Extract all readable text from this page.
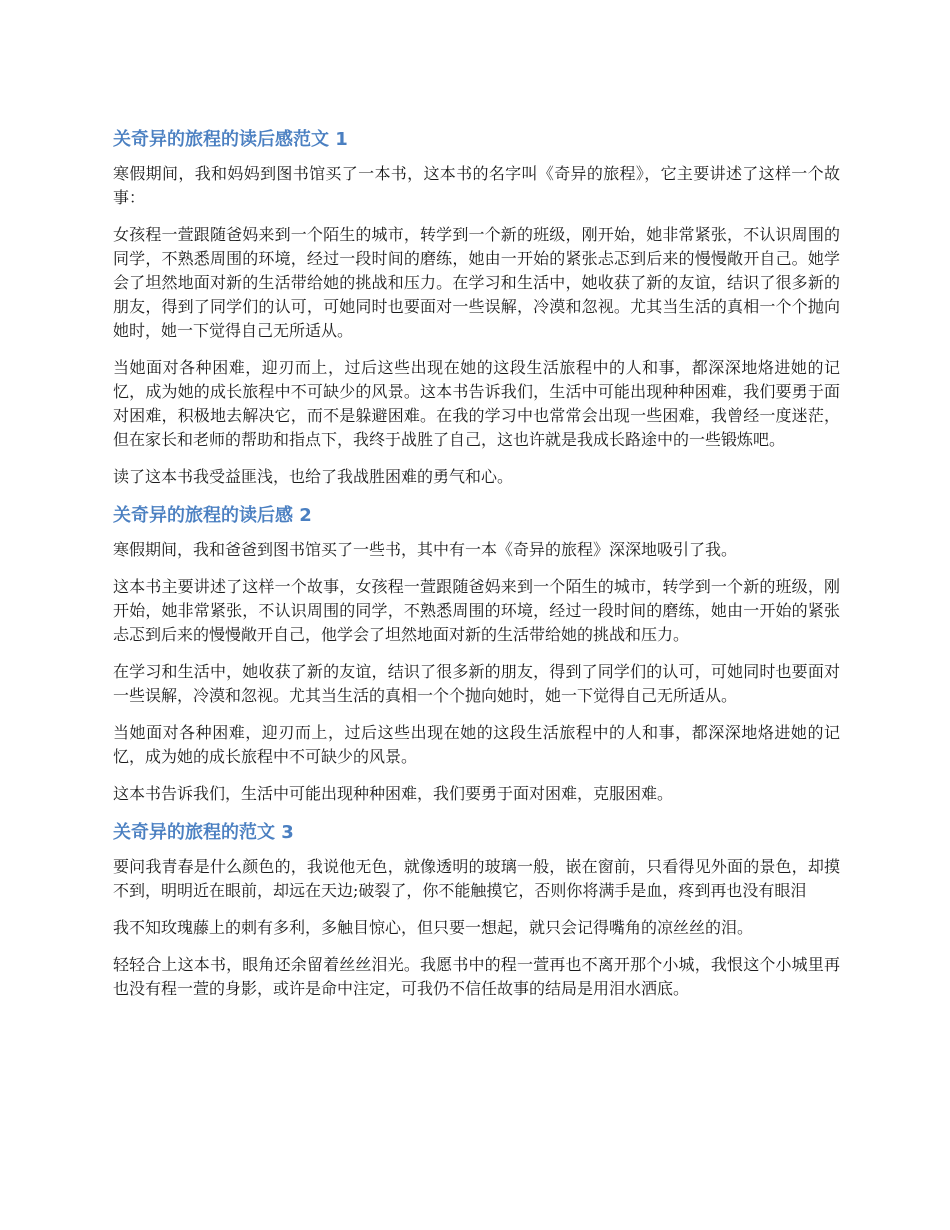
关奇异的旅程的读后感范文 1

寒假期间，我和妈妈到图书馆买了一本书，这本书的名字叫《奇异的旅程》，它主要讲述了这样一个故事：

女孩程一萱跟随爸妈来到一个陌生的城市，转学到一个新的班级，刚开始，她非常紧张，不认识周围的同学，不熟悉周围的环境，经过一段时间的磨练，她由一开始的紧张忐忑到后来的慢慢敞开自己。她学会了坦然地面对新的生活带给她的挑战和压力。在学习和生活中，她收获了新的友谊，结识了很多新的朋友，得到了同学们的认可，可她同时也要面对一些误解，冷漠和忽视。尤其当生活的真相一个个抛向她时，她一下觉得自己无所适从。

当她面对各种困难，迎刃而上，过后这些出现在她的这段生活旅程中的人和事，都深深地烙进她的记忆，成为她的成长旅程中不可缺少的风景。这本书告诉我们，生活中可能出现种种困难，我们要勇于面对困难，积极地去解决它，而不是躲避困难。在我的学习中也常常会出现一些困难，我曾经一度迷茫，但在家长和老师的帮助和指点下，我终于战胜了自己，这也许就是我成长路途中的一些锻炼吧。

读了这本书我受益匪浅，也给了我战胜困难的勇气和心。

关奇异的旅程的读后感 2

寒假期间，我和爸爸到图书馆买了一些书，其中有一本《奇异的旅程》深深地吸引了我。

这本书主要讲述了这样一个故事，女孩程一萱跟随爸妈来到一个陌生的城市，转学到一个新的班级，刚开始，她非常紧张，不认识周围的同学，不熟悉周围的环境，经过一段时间的磨练，她由一开始的紧张忐忑到后来的慢慢敞开自己，他学会了坦然地面对新的生活带给她的挑战和压力。

在学习和生活中，她收获了新的友谊，结识了很多新的朋友，得到了同学们的认可，可她同时也要面对一些误解，冷漠和忽视。尤其当生活的真相一个个抛向她时，她一下觉得自己无所适从。

当她面对各种困难，迎刃而上，过后这些出现在她的这段生活旅程中的人和事，都深深地烙进她的记忆，成为她的成长旅程中不可缺少的风景。

这本书告诉我们，生活中可能出现种种困难，我们要勇于面对困难，克服困难。

关奇异的旅程的范文 3

要问我青春是什么颜色的，我说他无色，就像透明的玻璃一般，嵌在窗前，只看得见外面的景色，却摸不到，明明近在眼前，却远在天边;破裂了，你不能触摸它，否则你将满手是血，疼到再也没有眼泪

我不知玫瑰藤上的刺有多利，多触目惊心，但只要一想起，就只会记得嘴角的凉丝丝的泪。

轻轻合上这本书，眼角还余留着丝丝泪光。我愿书中的程一萱再也不离开那个小城，我恨这个小城里再也没有程一萱的身影，或许是命中注定，可我仍不信任故事的结局是用泪水洒底。
